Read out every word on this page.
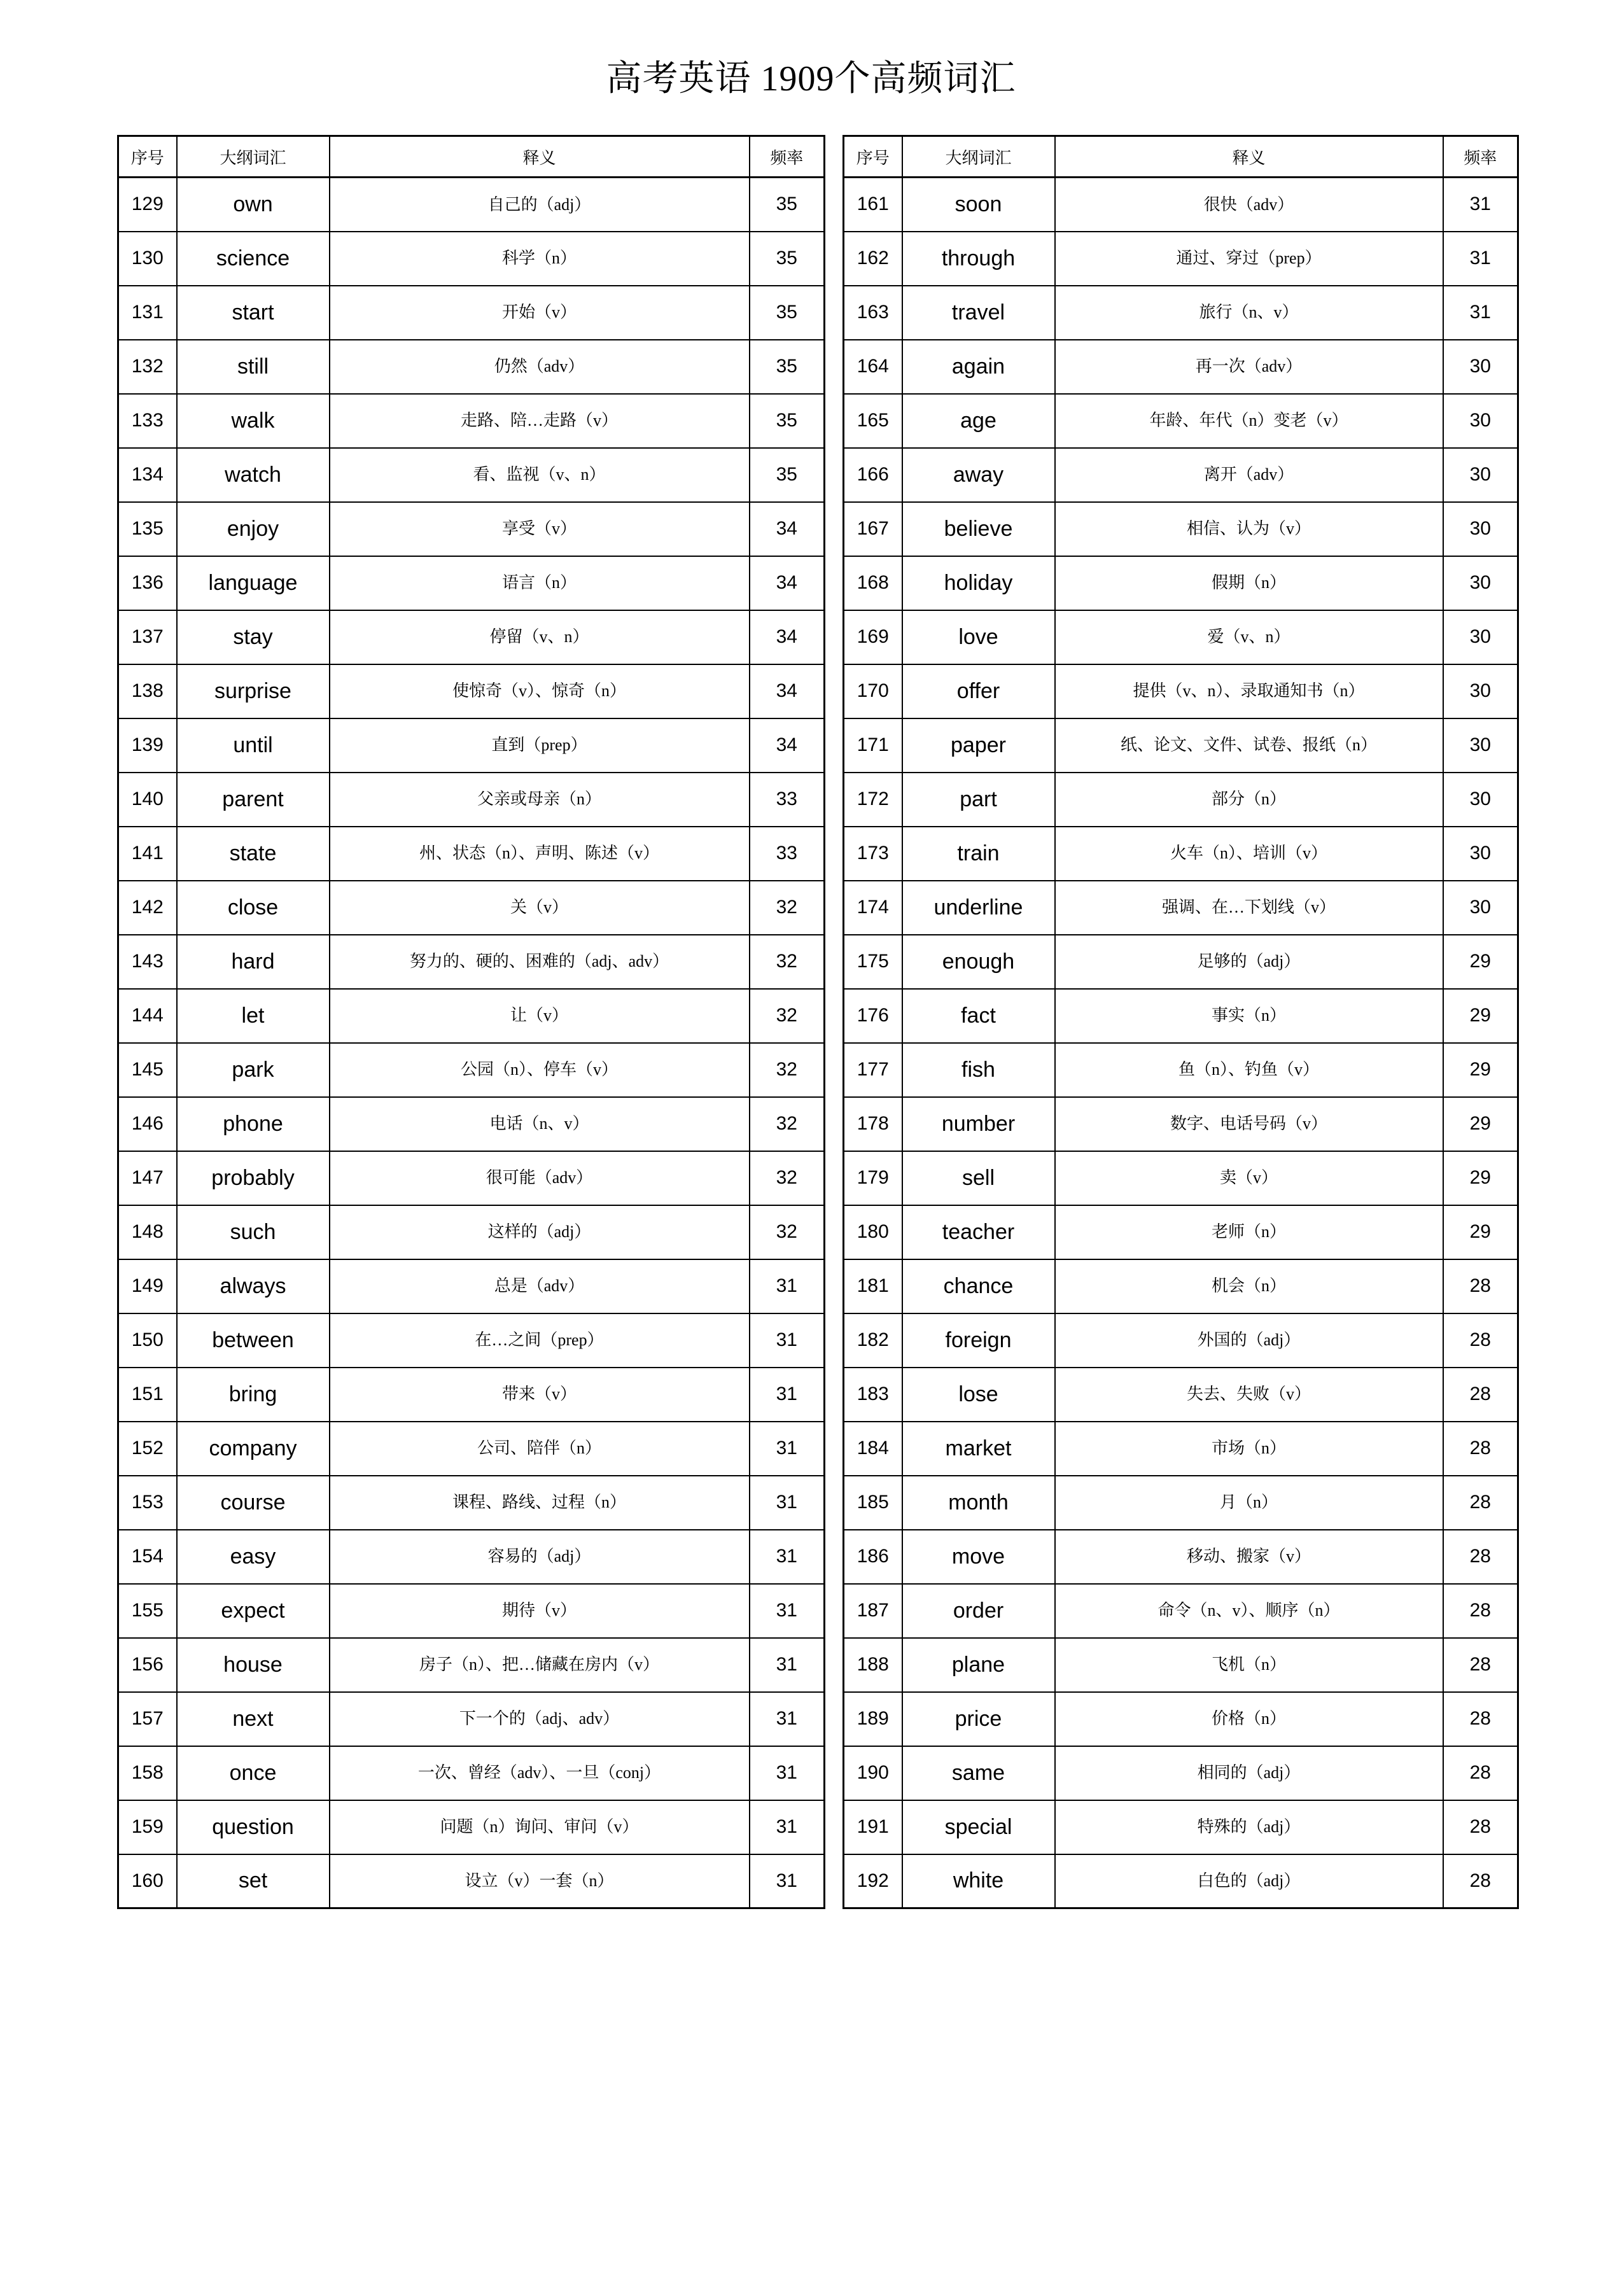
高考英语 1909个高频词汇
序号	大纲词汇	释义	频率
129	own	自己的（adj）	35
130	science	科学（n）	35
131	start	开始（v）	35
132	still	仍然（adv）	35
133	walk	走路、陪…走路（v）	35
134	watch	看、监视（v、n）	35
135	enjoy	享受（v）	34
136	language	语言（n）	34
137	stay	停留（v、n）	34
138	surprise	使惊奇（v）、惊奇（n）	34
139	until	直到（prep）	34
140	parent	父亲或母亲（n）	33
141	state	州、状态（n）、声明、陈述（v）	33
142	close	关（v）	32
143	hard	努力的、硬的、困难的（adj、adv）	32
144	let	让（v）	32
145	park	公园（n）、停车（v）	32
146	phone	电话（n、v）	32
147	probably	很可能（adv）	32
148	such	这样的（adj）	32
149	always	总是（adv）	31
150	between	在…之间（prep）	31
151	bring	带来（v）	31
152	company	公司、陪伴（n）	31
153	course	课程、路线、过程（n）	31
154	easy	容易的（adj）	31
155	expect	期待（v）	31
156	house	房子（n）、把…储藏在房内（v）	31
157	next	下一个的（adj、adv）	31
158	once	一次、曾经（adv）、一旦（conj）	31
159	question	问题（n）询问、审问（v）	31
160	set	设立（v）一套（n）	31
序号	大纲词汇	释义	频率
161	soon	很快（adv）	31
162	through	通过、穿过（prep）	31
163	travel	旅行（n、v）	31
164	again	再一次（adv）	30
165	age	年龄、年代（n）变老（v）	30
166	away	离开（adv）	30
167	believe	相信、认为（v）	30
168	holiday	假期（n）	30
169	love	爱（v、n）	30
170	offer	提供（v、n）、录取通知书（n）	30
171	paper	纸、论文、文件、试卷、报纸（n）	30
172	part	部分（n）	30
173	train	火车（n）、培训（v）	30
174	underline	强调、在…下划线（v）	30
175	enough	足够的（adj）	29
176	fact	事实（n）	29
177	fish	鱼（n）、钓鱼（v）	29
178	number	数字、电话号码（v）	29
179	sell	卖（v）	29
180	teacher	老师（n）	29
181	chance	机会（n）	28
182	foreign	外国的（adj）	28
183	lose	失去、失败（v）	28
184	market	市场（n）	28
185	month	月（n）	28
186	move	移动、搬家（v）	28
187	order	命令（n、v）、顺序（n）	28
188	plane	飞机（n）	28
189	price	价格（n）	28
190	same	相同的（adj）	28
191	special	特殊的（adj）	28
192	white	白色的（adj）	28
